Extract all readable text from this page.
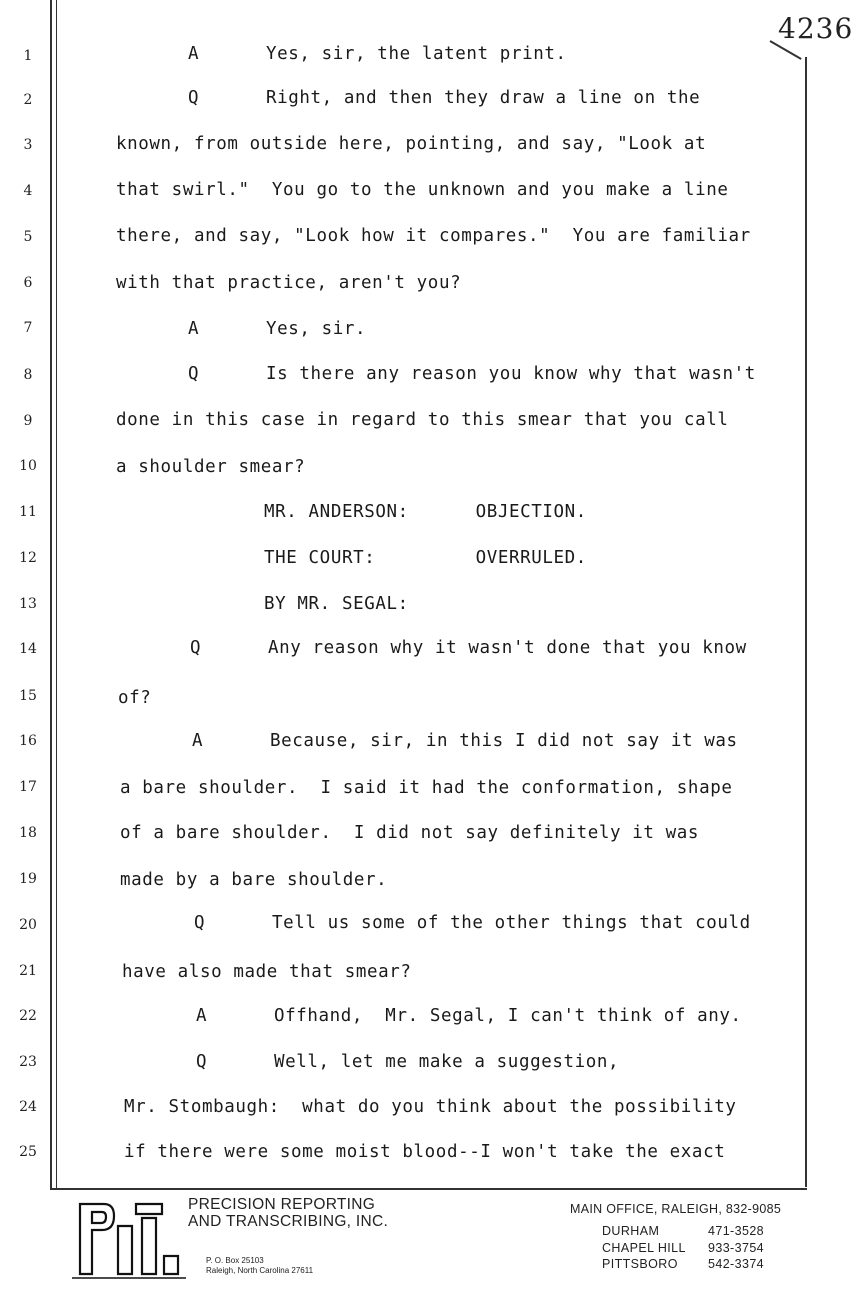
4236
1
2
3
4
5
6
7
8
9
10
11
12
13
14
15
16
17
18
19
20
21
22
23
24
25
A      Yes, sir, the latent print.
Q      Right, and then they draw a line on the
known, from outside here, pointing, and say, "Look at
that swirl."  You go to the unknown and you make a line
there, and say, "Look how it compares."  You are familiar
with that practice, aren't you?
A      Yes, sir.
Q      Is there any reason you know why that wasn't
done in this case in regard to this smear that you call
a shoulder smear?
MR. ANDERSON:      OBJECTION.
THE COURT:         OVERRULED.
BY MR. SEGAL:
Q      Any reason why it wasn't done that you know
of?
A      Because, sir, in this I did not say it was
a bare shoulder.  I said it had the conformation, shape
of a bare shoulder.  I did not say definitely it was
made by a bare shoulder.
Q      Tell us some of the other things that could
have also made that smear?
A      Offhand,  Mr. Segal, I can't think of any.
Q      Well, let me make a suggestion,
Mr. Stombaugh:  what do you think about the possibility
if there were some moist blood--I won't take the exact
PRECISION REPORTING
AND TRANSCRIBING, INC.
P. O. Box 25103
Raleigh, North Carolina 27611
MAIN OFFICE, RALEIGH, 832-9085
DURHAM	471-3528
CHAPEL HILL	933-3754
PITTSBORO	542-3374
